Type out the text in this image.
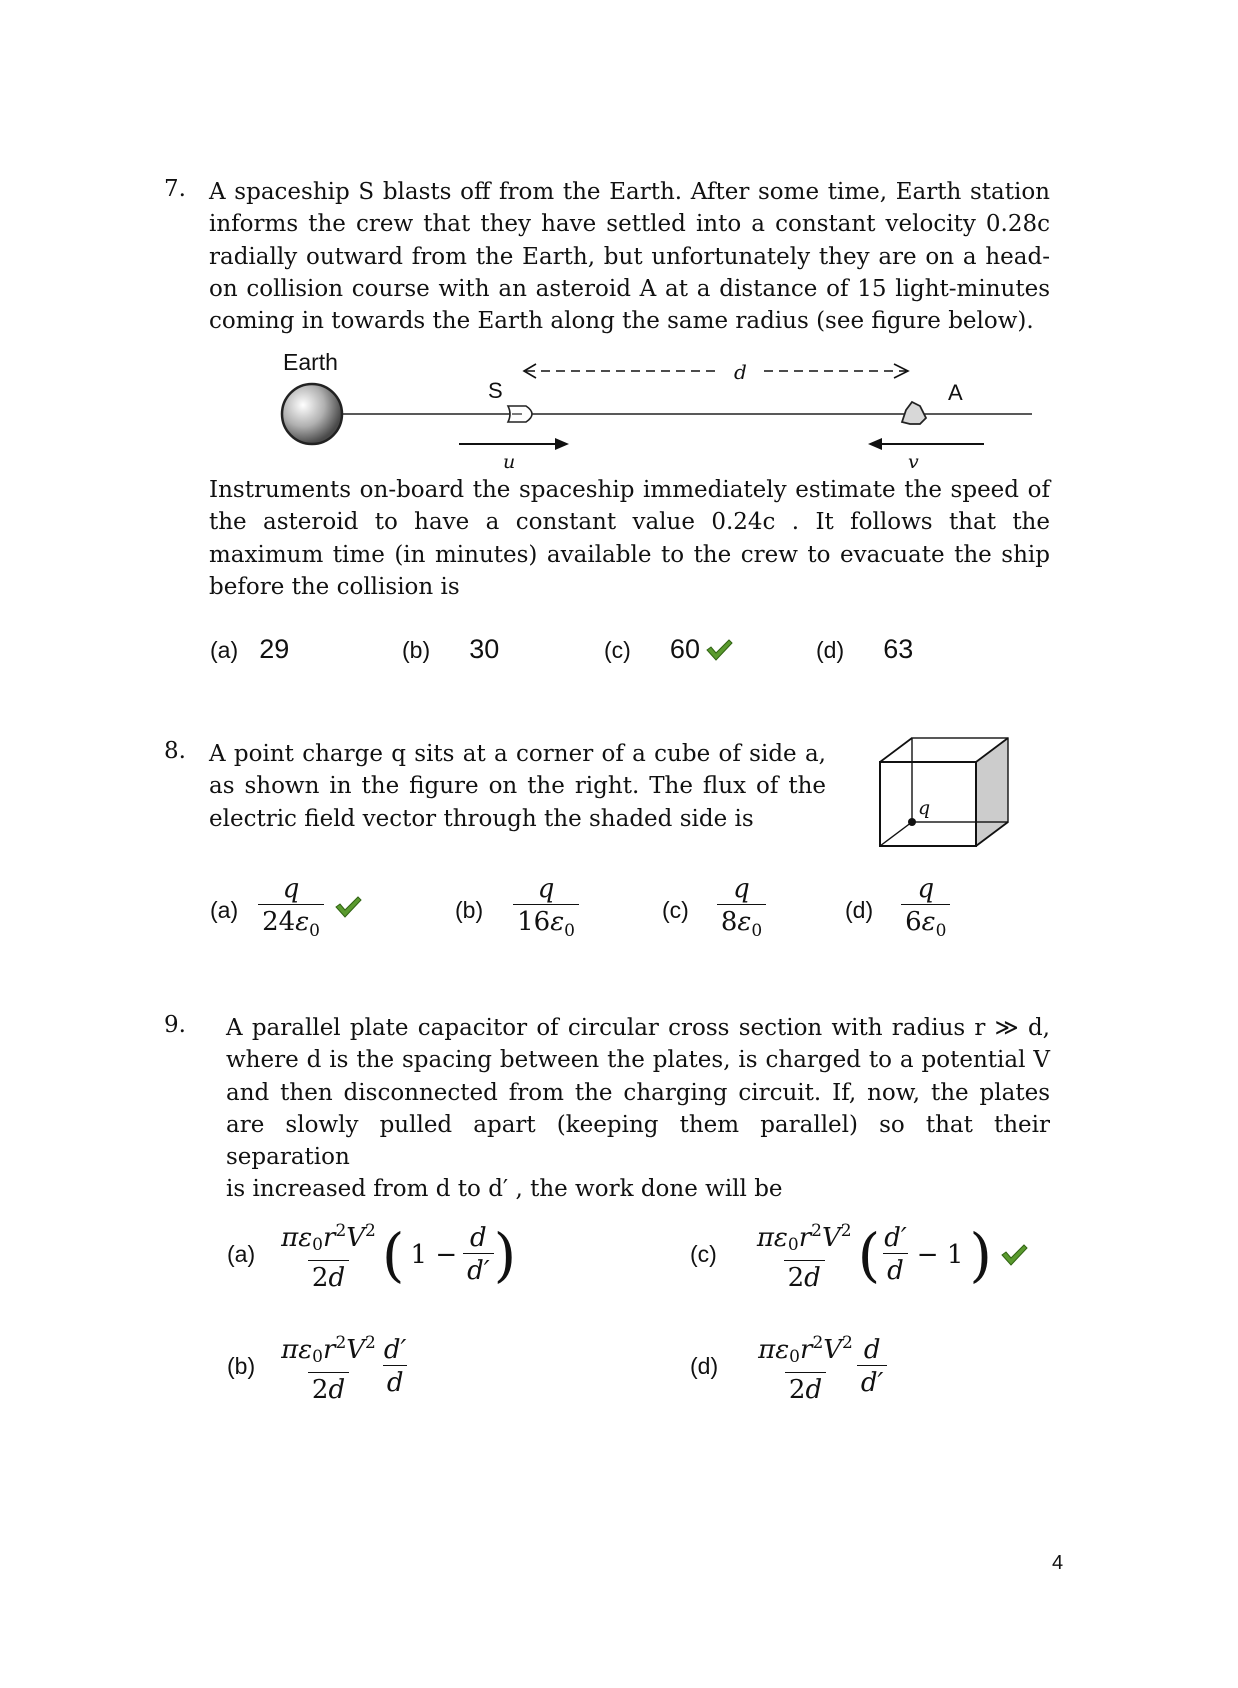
7. A spaceship S blasts off from the Earth. After some time, Earth station
informs the crew that they have settled into a constant velocity 0.28c
radially outward from the Earth, but unfortunately they are on a head-
on collision course with an asteroid A at a distance of 15 light-minutes
coming in towards the Earth along the same radius (see figure below).
Earth
S	A
d
u	v
Instruments on-board the spaceship immediately estimate the speed of
the asteroid to have a constant value 0.24c . It follows that the
maximum time (in minutes) available to the crew to evacuate the ship
before the collision is
(a) 29	(b) 30	(c) 60	(d) 63
8. A point charge q sits at a corner of a cube of side a,
as shown in the figure on the right. The flux of the
electric field vector through the shaded side is	q
$(a) \frac{q}{24\varepsilon_0}$	$(b) \frac{q}{16\varepsilon_0}$	$(c) \frac{q}{8\varepsilon_0}$	$(d) \frac{q}{6\varepsilon_0}$
9. A parallel plate capacitor of circular cross section with radius r ≫ d,
where d is the spacing between the plates, is charged to a potential V
and then disconnected from the charging circuit. If, now, the plates
are slowly pulled apart (keeping them parallel) so that their separation
is increased from d to d′ , the work done will be
$(a) \frac{\pi\varepsilon 0r^2V^2}{2d}$ ( $1 - \frac{d}{d'}$ )
$(b) \frac{\pi\varepsilon 0r^2V^2}{2d} \frac{d'}{d}$
$(c) \frac{\pi\varepsilon 0r^2V^2}{2d}$ ( $\frac{d'}{d} - 1$ )
$(d) \frac{\pi\varepsilon 0r^2V^2}{2d} \frac{d}{d'}$
4
